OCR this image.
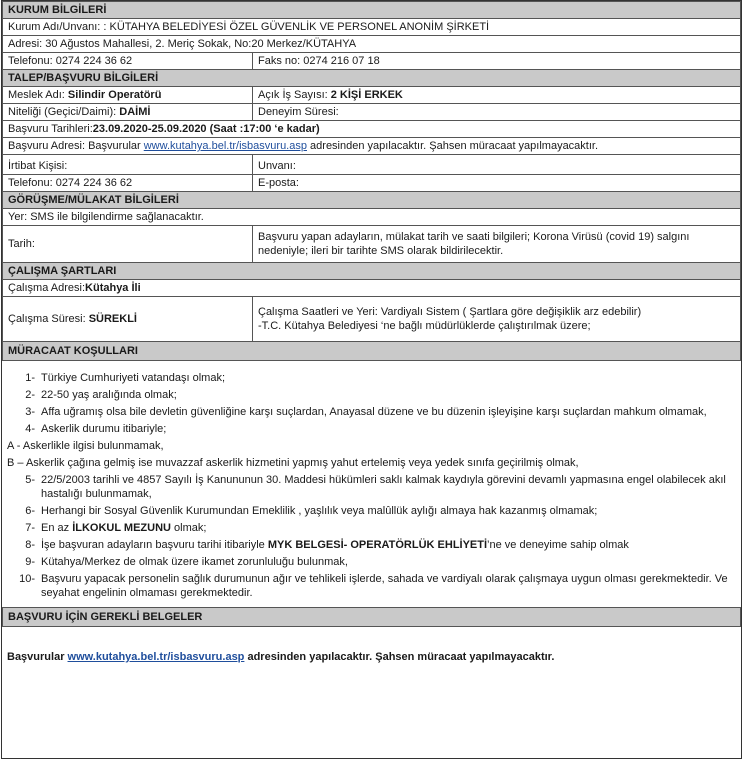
KURUM BİLGİLERİ	
Kurum Adı/Unvanı: : KÜTAHYA BELEDİYESİ ÖZEL GÜVENLİK VE PERSONEL ANONİM ŞİRKETİ	
Adresi: 30 Ağustos Mahallesi, 2. Meriç Sokak, No:20 Merkez/KÜTAHYA	
Telefonu: 0274 224 36 62	Faks no: 0274 216 07 18
TALEP/BAŞVURU BİLGİLERİ	
Meslek Adı: Silindir Operatörü	Açık İş Sayısı: 2 KİŞİ ERKEK
Niteliği (Geçici/Daimi): DAİMİ	Deneyim Süresi:
Başvuru Tarihleri:23.09.2020-25.09.2020 (Saat :17:00 ‘e kadar)	
Başvuru Adresi: Başvurular www.kutahya.bel.tr/isbasvuru.asp adresinden yapılacaktır. Şahsen müracaat yapılmayacaktır.	
İrtibat Kişisi:	Unvanı:
Telefonu: 0274 224 36 62	E-posta:
GÖRÜŞME/MÜLAKAT BİLGİLERİ	
Yer: SMS ile bilgilendirme sağlanacaktır.	
Tarih:	Başvuru yapan adayların, mülakat tarih ve saati bilgileri; Korona Virüsü (covid 19) salgını nedeniyle; ileri bir tarihte SMS olarak bildirilecektir.
ÇALIŞMA ŞARTLARI	
Çalışma Adresi:Kütahya İli	
Çalışma Süresi: SÜREKLİ	Çalışma Saatleri ve Yeri: Vardiyalı Sistem ( Şartlara göre değişiklik arz edebilir)
-T.C. Kütahya Belediyesi ‘ne bağlı müdürlüklerde çalıştırılmak üzere;

MÜRACAAT KOŞULLARI	
1- Türkiye Cumhuriyeti vatandaşı olmak;
2- 22-50 yaş aralığında olmak;
3- Affa uğramış olsa bile devletin güvenliğine karşı suçlardan, Anayasal düzene ve bu düzenin işleyişine karşı suçlardan mahkum olmamak,
4- Askerlik durumu itibariyle;
A - Askerlikle ilgisi bulunmamak,
B – Askerlik çağına gelmiş ise muvazzaf askerlik hizmetini yapmış yahut ertelemiş veya yedek sınıfa geçirilmiş olmak,
5- 22/5/2003 tarihli ve 4857 Sayılı İş Kanununun 30. Maddesi hükümleri saklı kalmak kaydıyla görevini devamlı yapmasına engel olabilecek akıl hastalığı bulunmamak,
6- Herhangi bir Sosyal Güvenlik Kurumundan Emeklilik , yaşlılık veya malûllük aylığı almaya hak kazanmış olmamak;
7- En az İLKOKUL MEZUNU olmak;
8- İşe başvuran adayların başvuru tarihi itibariyle MYK BELGESİ- OPERATÖRLÜK EHLİYETİ’ne ve deneyime sahip olmak
9- Kütahya/Merkez de olmak üzere ikamet zorunluluğu bulunmak,
10- Başvuru yapacak personelin sağlık durumunun ağır ve tehlikeli işlerde, sahada ve vardiyalı olarak çalışmaya uygun olması gerekmektedir. Ve seyahat engelinin olmaması gerekmektedir.
BAŞVURU İÇİN GEREKLİ BELGELER
Başvurular www.kutahya.bel.tr/isbasvuru.asp adresinden yapılacaktır. Şahsen müracaat yapılmayacaktır.
